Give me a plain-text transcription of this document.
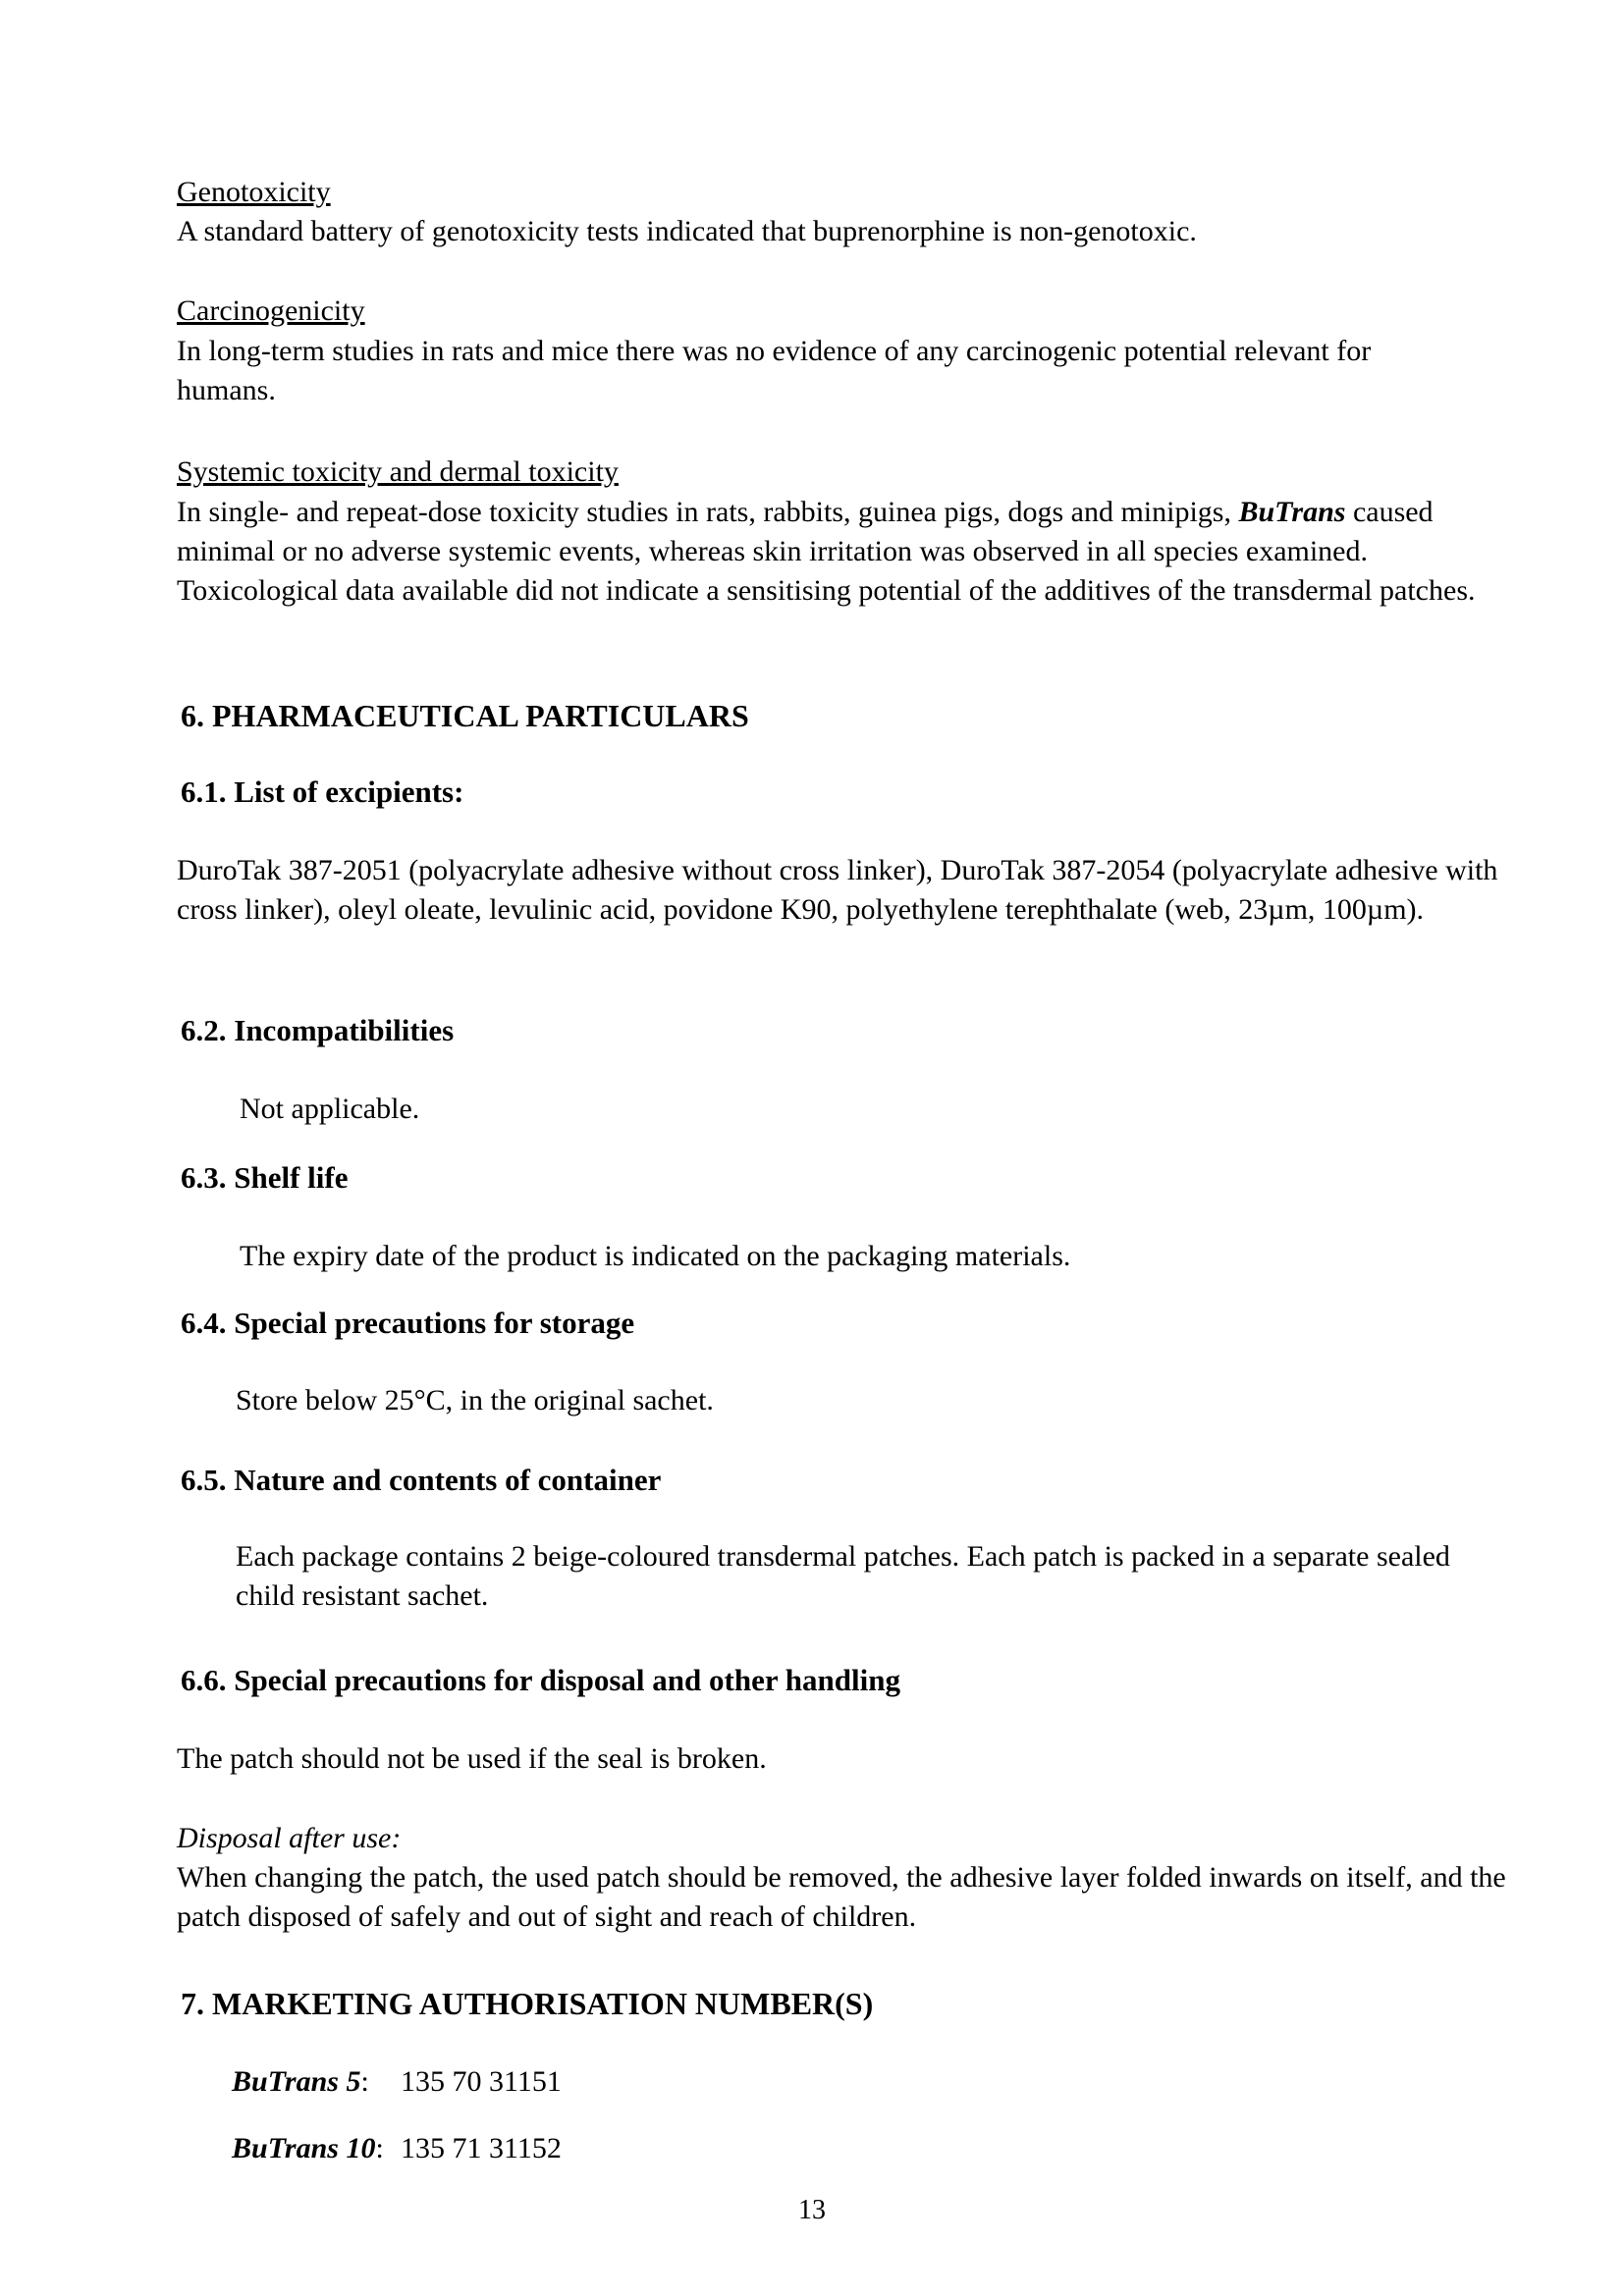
Genotoxicity

A standard battery of genotoxicity tests indicated that buprenorphine is non-genotoxic.

Carcinogenicity

In long-term studies in rats and mice there was no evidence of any carcinogenic potential relevant for humans.

Systemic toxicity and dermal toxicity

In single- and repeat-dose toxicity studies in rats, rabbits, guinea pigs, dogs and minipigs, BuTrans caused minimal or no adverse systemic events, whereas skin irritation was observed in all species examined. Toxicological data available did not indicate a sensitising potential of the additives of the transdermal patches.

6. PHARMACEUTICAL PARTICULARS

6.1. List of excipients:

DuroTak 387-2051 (polyacrylate adhesive without cross linker), DuroTak 387-2054 (polyacrylate adhesive with cross linker), oleyl oleate, levulinic acid, povidone K90, polyethylene terephthalate (web, 23µm, 100µm).

6.2. Incompatibilities

Not applicable.

6.3. Shelf life

The expiry date of the product is indicated on the packaging materials.

6.4. Special precautions for storage

Store below 25°C, in the original sachet.

6.5. Nature and contents of container

Each package contains 2 beige-coloured transdermal patches. Each patch is packed in a separate sealed child resistant sachet.

6.6. Special precautions for disposal and other handling

The patch should not be used if the seal is broken.

Disposal after use:

When changing the patch, the used patch should be removed, the adhesive layer folded inwards on itself, and the patch disposed of safely and out of sight and reach of children.

7. MARKETING AUTHORISATION NUMBER(S)

BuTrans 5: 135 70 31151
BuTrans 10: 135 71 31152
13
